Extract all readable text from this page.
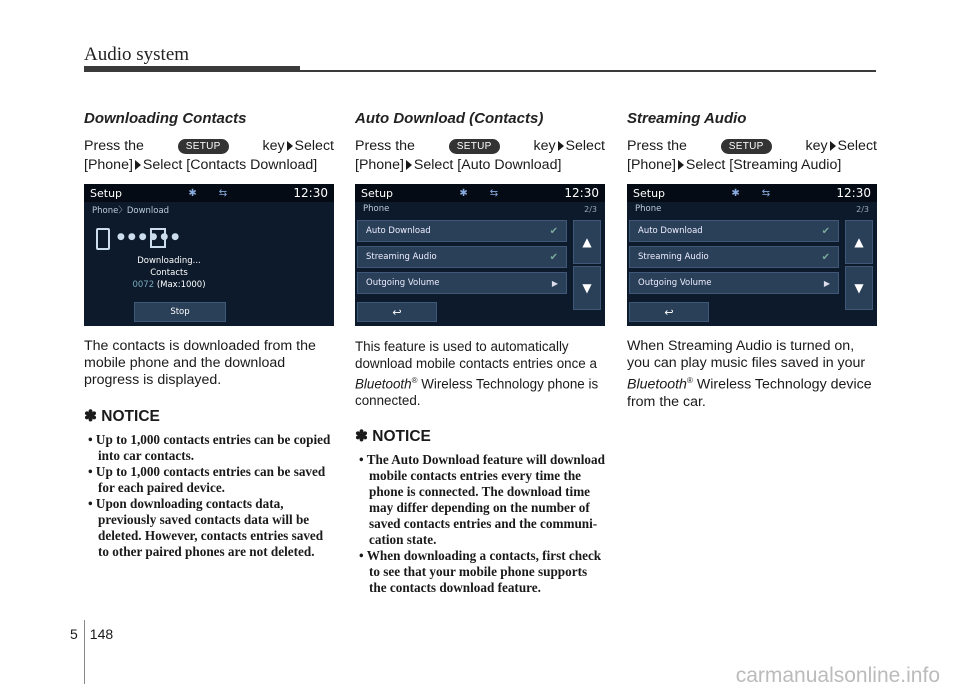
Audio system
Downloading Contacts
Press the	SETUP	key Select
[Phone] Select [Contacts Download]
Setup	✱ ⇆	12:30
Phone〉Download
●●●●●●
Downloading...
Contacts
0072 (Max:1000)
Stop
The contacts is downloaded from the mobile phone and the download progress is displayed.
✽ NOTICE
• Up to 1,000 contacts entries can be copied into car contacts.
• Up to 1,000 contacts entries can be saved for each paired device.
• Upon downloading contacts data, previously saved contacts data will be deleted. However, contacts entries saved to other paired phones are not deleted.
Auto Download (Contacts)
Press the	SETUP	key Select
[Phone] Select [Auto Download]
Setup	✱ ⇆	12:30
Phone	2/3
Auto Download	✔
Streaming Audio	✔
Outgoing Volume	▶
▲
▼
↩
This feature is used to automatically download mobile contacts entries once a Bluetooth® Wireless Technology phone is connected.
✽ NOTICE
• The Auto Download feature will download mobile contacts entries every time the phone is connected. The download time may differ depending on the number of saved contacts entries and the communi-cation state.
• When downloading a contacts, first check to see that your mobile phone supports the contacts download feature.
Streaming Audio
Press the	SETUP	key Select
[Phone] Select [Streaming Audio]
Setup	✱ ⇆	12:30
Phone	2/3
Auto Download	✔
Streaming Audio	✔
Outgoing Volume	▶
▲
▼
↩
When Streaming Audio is turned on, you can play music files saved in your Bluetooth® Wireless Technology device from the car.
5 148
carmanualsonline.info
